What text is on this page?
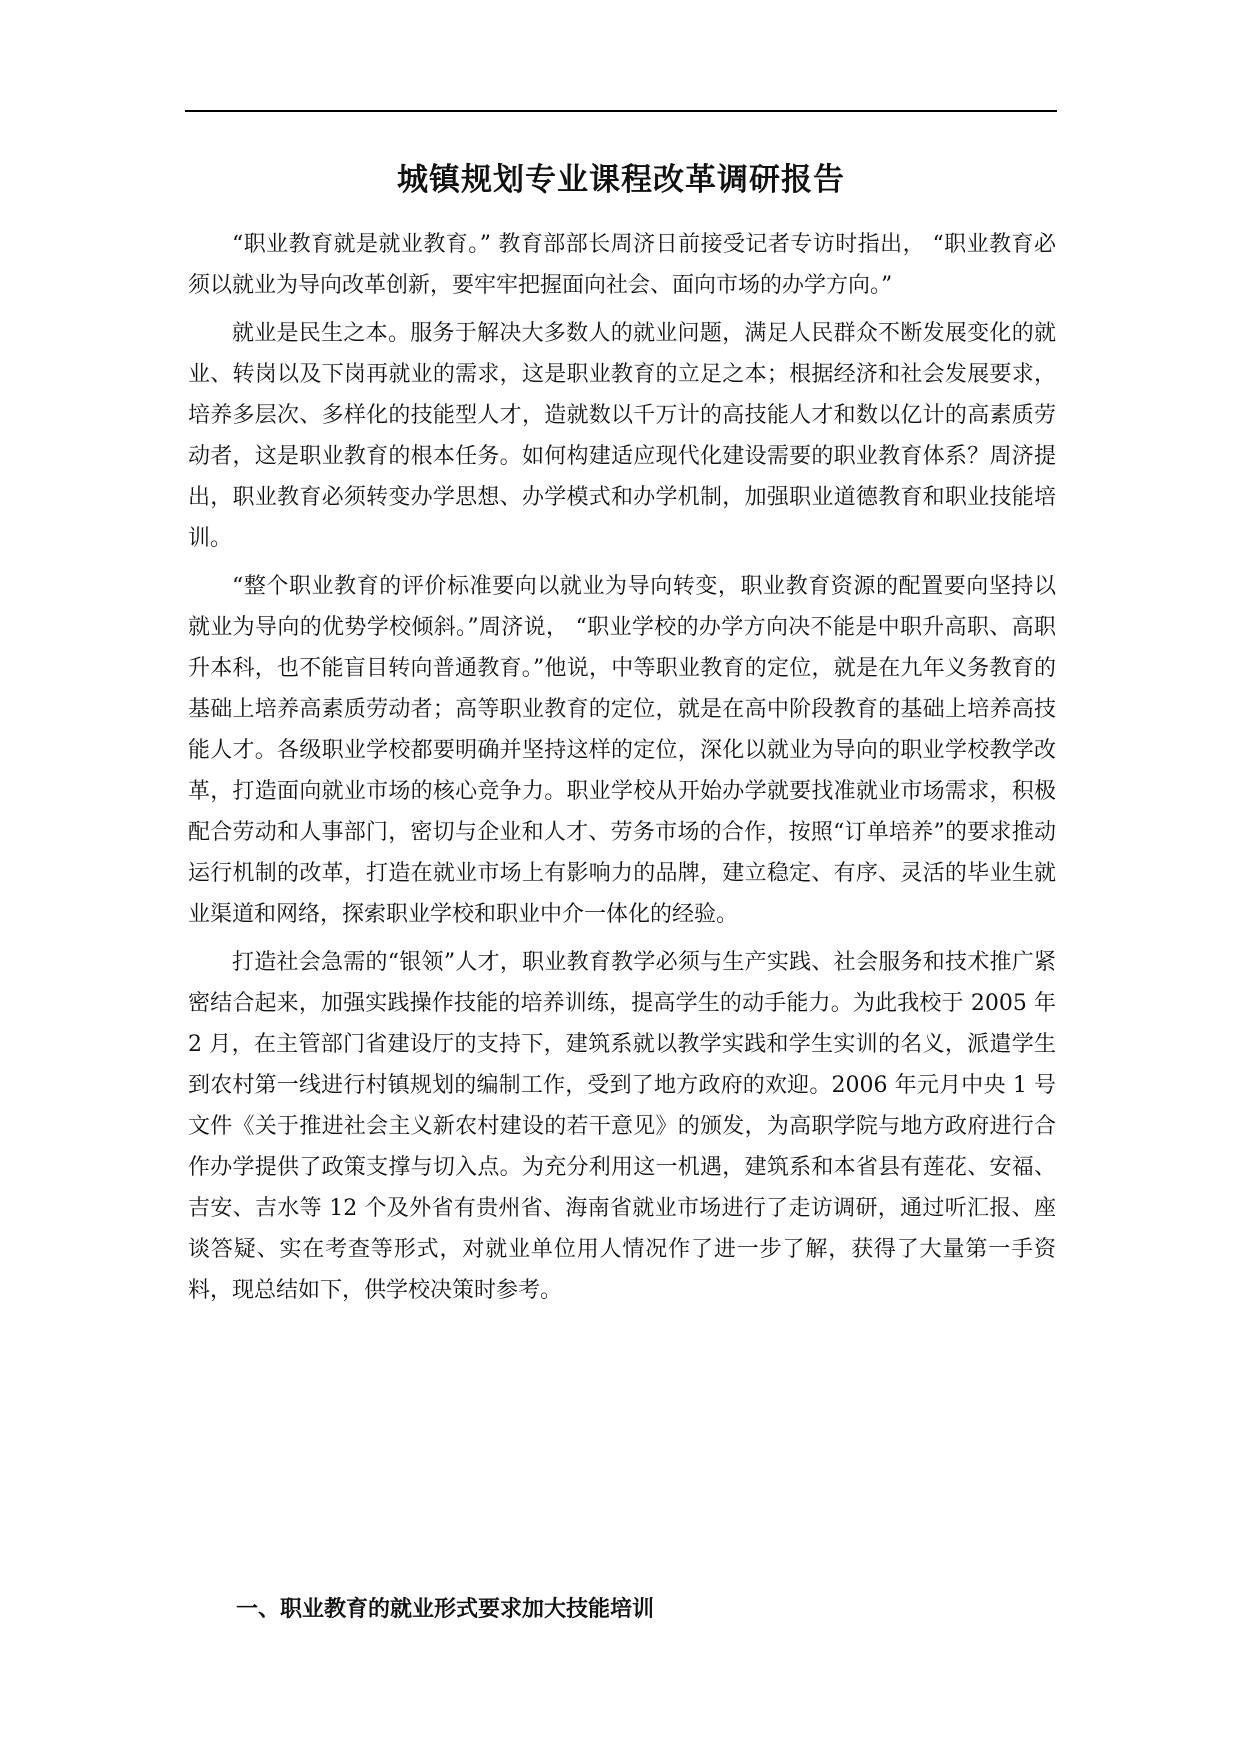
城镇规划专业课程改革调研报告

“职业教育就是就业教育。” 教育部部长周济日前接受记者专访时指出， “职业教育必须以就业为导向改革创新，要牢牢把握面向社会、面向市场的办学方向。”

就业是民生之本。服务于解决大多数人的就业问题，满足人民群众不断发展变化的就业、转岗以及下岗再就业的需求，这是职业教育的立足之本；根据经济和社会发展要求，培养多层次、多样化的技能型人才，造就数以千万计的高技能人才和数以亿计的高素质劳动者，这是职业教育的根本任务。如何构建适应现代化建设需要的职业教育体系？周济提出，职业教育必须转变办学思想、办学模式和办学机制，加强职业道德教育和职业技能培训。

“整个职业教育的评价标准要向以就业为导向转变，职业教育资源的配置要向坚持以就业为导向的优势学校倾斜。”周济说， “职业学校的办学方向决不能是中职升高职、高职升本科，也不能盲目转向普通教育。”他说，中等职业教育的定位，就是在九年义务教育的基础上培养高素质劳动者；高等职业教育的定位，就是在高中阶段教育的基础上培养高技能人才。各级职业学校都要明确并坚持这样的定位，深化以就业为导向的职业学校教学改革，打造面向就业市场的核心竞争力。职业学校从开始办学就要找准就业市场需求，积极配合劳动和人事部门，密切与企业和人才、劳务市场的合作，按照“订单培养”的要求推动运行机制的改革，打造在就业市场上有影响力的品牌，建立稳定、有序、灵活的毕业生就业渠道和网络，探索职业学校和职业中介一体化的经验。

打造社会急需的“银领”人才，职业教育教学必须与生产实践、社会服务和技术推广紧密结合起来，加强实践操作技能的培养训练，提高学生的动手能力。为此我校于 2005 年 2 月，在主管部门省建设厅的支持下，建筑系就以教学实践和学生实训的名义，派遣学生到农村第一线进行村镇规划的编制工作，受到了地方政府的欢迎。2006 年元月中央 1 号文件《关于推进社会主义新农村建设的若干意见》的颁发，为高职学院与地方政府进行合作办学提供了政策支撑与切入点。为充分利用这一机遇，建筑系和本省县有莲花、安福、吉安、吉水等 12 个及外省有贵州省、海南省就业市场进行了走访调研，通过听汇报、座谈答疑、实在考查等形式，对就业单位用人情况作了进一步了解，获得了大量第一手资料，现总结如下，供学校决策时参考。

一、职业教育的就业形式要求加大技能培训
